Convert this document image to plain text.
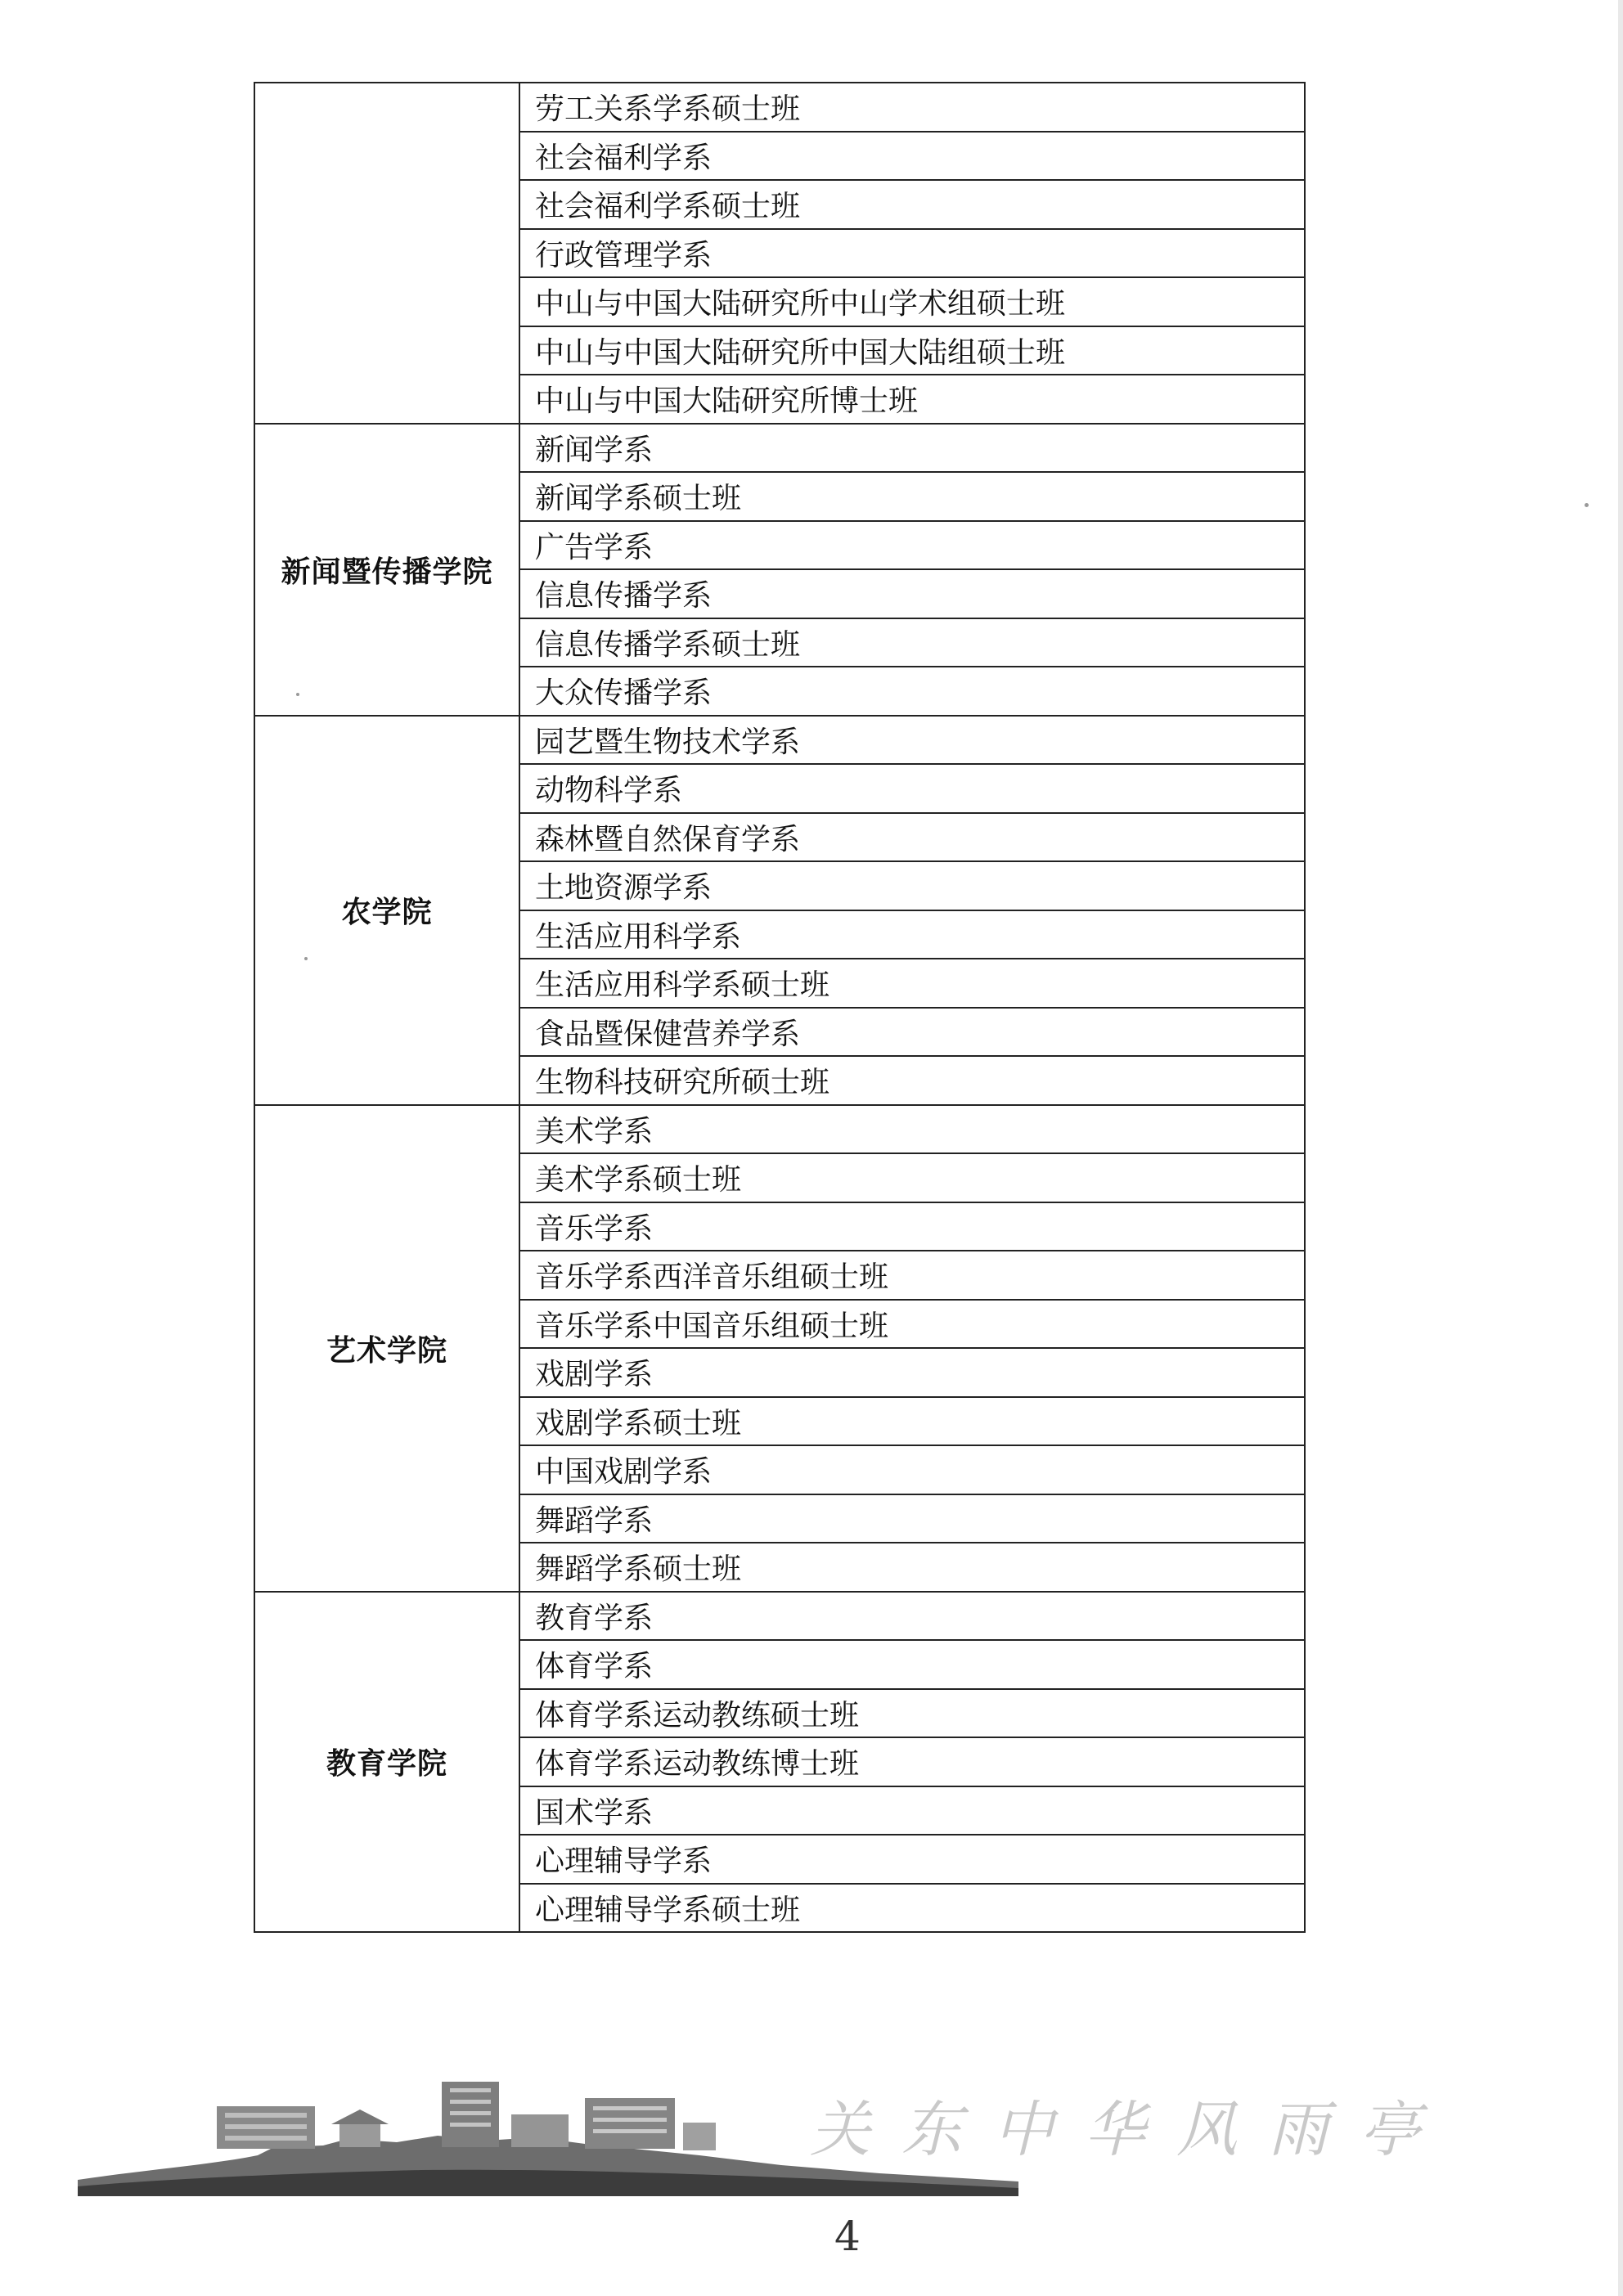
	劳工关系学系硕士班
	社会福利学系
	社会福利学系硕士班
	行政管理学系
	中山与中国大陆研究所中山学术组硕士班
	中山与中国大陆研究所中国大陆组硕士班
	中山与中国大陆研究所博士班
新闻暨传播学院	新闻学系
	新闻学系硕士班
	广告学系
	信息传播学系
	信息传播学系硕士班
	大众传播学系
农学院	园艺暨生物技术学系
	动物科学系
	森林暨自然保育学系
	土地资源学系
	生活应用科学系
	生活应用科学系硕士班
	食品暨保健营养学系
	生物科技研究所硕士班
艺术学院	美术学系
	美术学系硕士班
	音乐学系
	音乐学系西洋音乐组硕士班
	音乐学系中国音乐组硕士班
	戏剧学系
	戏剧学系硕士班
	中国戏剧学系
	舞蹈学系
	舞蹈学系硕士班
教育学院	教育学系
	体育学系
	体育学系运动教练硕士班
	体育学系运动教练博士班
	国术学系
	心理辅导学系
	心理辅导学系硕士班
关东中华风雨亭
4
